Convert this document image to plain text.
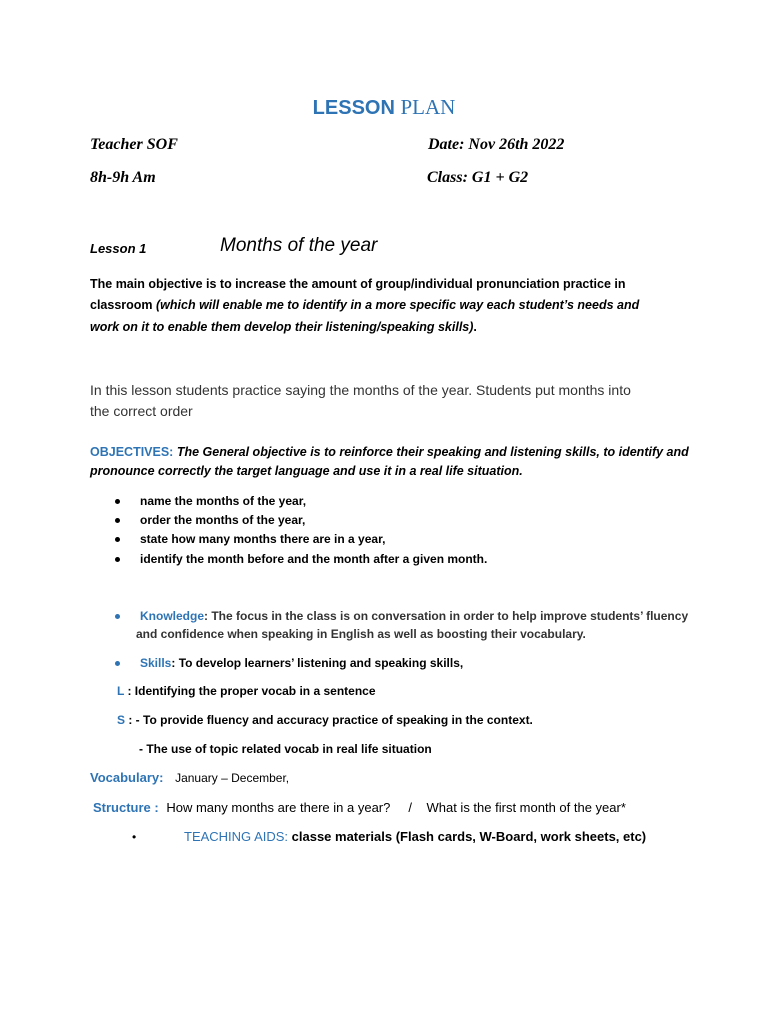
LESSON PLAN
Teacher SOF	Date: Nov 26th 2022
8h-9h Am	Class: G1 + G2
Lesson 1	Months of the year
The main objective is to increase the amount of group/individual pronunciation practice in
classroom (which will enable me to identify in a more specific way each student’s needs and
work on it to enable them develop their listening/speaking skills).
In this lesson students practice saying the months of the year. Students put months into
the correct order
OBJECTIVES: The General objective is to reinforce their speaking and listening skills, to identify and
pronounce correctly the target language and use it in a real life situation.
name the months of the year,
order the months of the year,
state how many months there are in a year,
identify the month before and the month after a given month.
Knowledge: The focus in the class is on conversation in order to help improve students’ fluency
and confidence when speaking in English as well as boosting their vocabulary.
Skills: To develop learners’ listening and speaking skills,
L : Identifying the proper vocab in a sentence
S : - To provide fluency and accuracy practice of speaking in the context.
- The use of topic related vocab in real life situation
Vocabulary: January – December,
Structure : How many months are there in a year?     /    What is the first month of the year*
•	TEACHING AIDS: classe materials (Flash cards, W-Board, work sheets, etc)
